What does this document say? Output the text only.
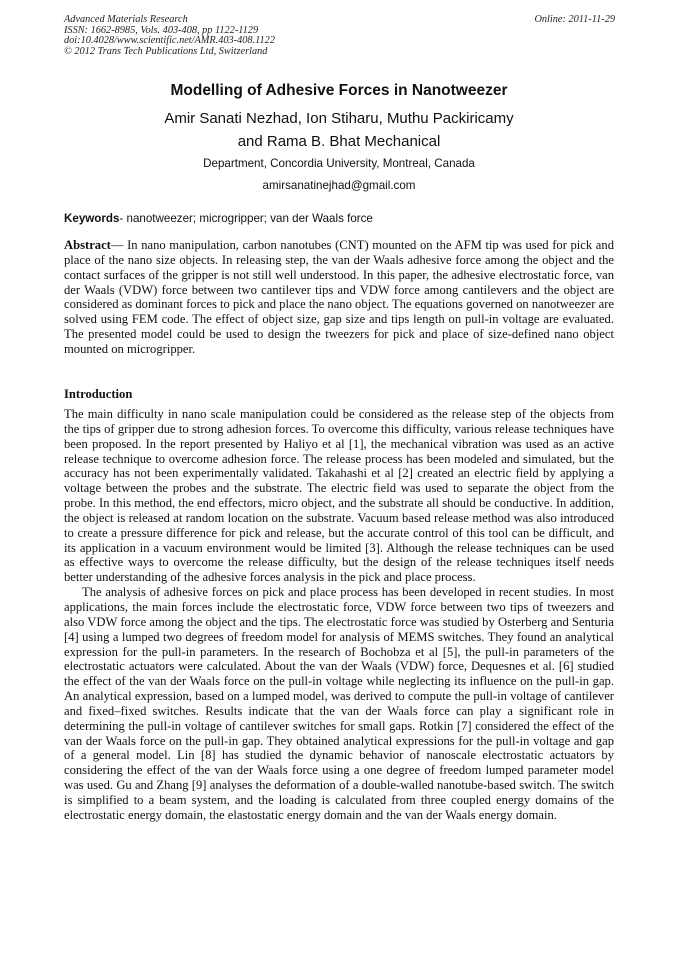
Advanced Materials Research
ISSN: 1662-8985, Vols. 403-408, pp 1122-1129
doi:10.4028/www.scientific.net/AMR.403-408.1122
© 2012 Trans Tech Publications Ltd, Switzerland
Online: 2011-11-29
Modelling of Adhesive Forces in Nanotweezer
Amir Sanati Nezhad, Ion Stiharu, Muthu Packiricamy
and Rama B. Bhat Mechanical
Department, Concordia University, Montreal, Canada
amirsanatinejhad@gmail.com
Keywords- nanotweezer; microgripper; van der Waals force
Abstract— In nano manipulation, carbon nanotubes (CNT) mounted on the AFM tip was used for pick and place of the nano size objects. In releasing step, the van der Waals adhesive force among the object and the contact surfaces of the gripper is not still well understood. In this paper, the adhesive electrostatic force, van der Waals (VDW) force between two cantilever tips and VDW force among cantilevers and the object are considered as dominant forces to pick and place the nano object. The equations governed on nanotweezer are solved using FEM code. The effect of object size, gap size and tips length on pull-in voltage are evaluated. The presented model could be used to design the tweezers for pick and place of size-defined nano object mounted on microgripper.
Introduction

The main difficulty in nano scale manipulation could be considered as the release step of the objects from the tips of gripper due to strong adhesion forces. To overcome this difficulty, various release techniques have been proposed. In the report presented by Haliyo et al [1], the mechanical vibration was used as an active release technique to overcome adhesion force. The release process has been modeled and simulated, but the accuracy has not been experimentally validated. Takahashi et al [2] created an electric field by applying a voltage between the probes and the substrate. The electric field was used to separate the object from the probe. In this method, the end effectors, micro object, and the substrate all should be conductive. In addition, the object is released at random location on the substrate. Vacuum based release method was also introduced to create a pressure difference for pick and release, but the accurate control of this tool can be difficult, and its application in a vacuum environment would be limited [3]. Although the release techniques can be used as effective ways to overcome the release difficulty, but the design of the release techniques itself needs better understanding of the adhesive forces analysis in the pick and place process.

The analysis of adhesive forces on pick and place process has been developed in recent studies. In most applications, the main forces include the electrostatic force, VDW force between two tips of tweezers and also VDW force among the object and the tips. The electrostatic force was studied by Osterberg and Senturia [4] using a lumped two degrees of freedom model for analysis of MEMS switches. They found an analytical expression for the pull-in parameters. In the research of Bochobza et al [5], the pull-in parameters of the electrostatic actuators were calculated. About the van der Waals (VDW) force, Dequesnes et al. [6] studied the effect of the van der Waals force on the pull-in voltage while neglecting its influence on the pull-in gap. An analytical expression, based on a lumped model, was derived to compute the pull-in voltage of cantilever and fixed–fixed switches. Results indicate that the van der Waals force can play a significant role in determining the pull-in voltage of cantilever switches for small gaps. Rotkin [7] considered the effect of the van der Waals force on the pull-in gap. They obtained analytical expressions for the pull-in voltage and gap of a general model. Lin [8] has studied the dynamic behavior of nanoscale electrostatic actuators by considering the effect of the van der Waals force using a one degree of freedom lumped parameter model was used. Gu and Zhang [9] analyses the deformation of a double-walled nanotube-based switch. The switch is simplified to a beam system, and the loading is calculated from three coupled energy domains of the electrostatic energy domain, the elastostatic energy domain and the van der Waals energy domain.
